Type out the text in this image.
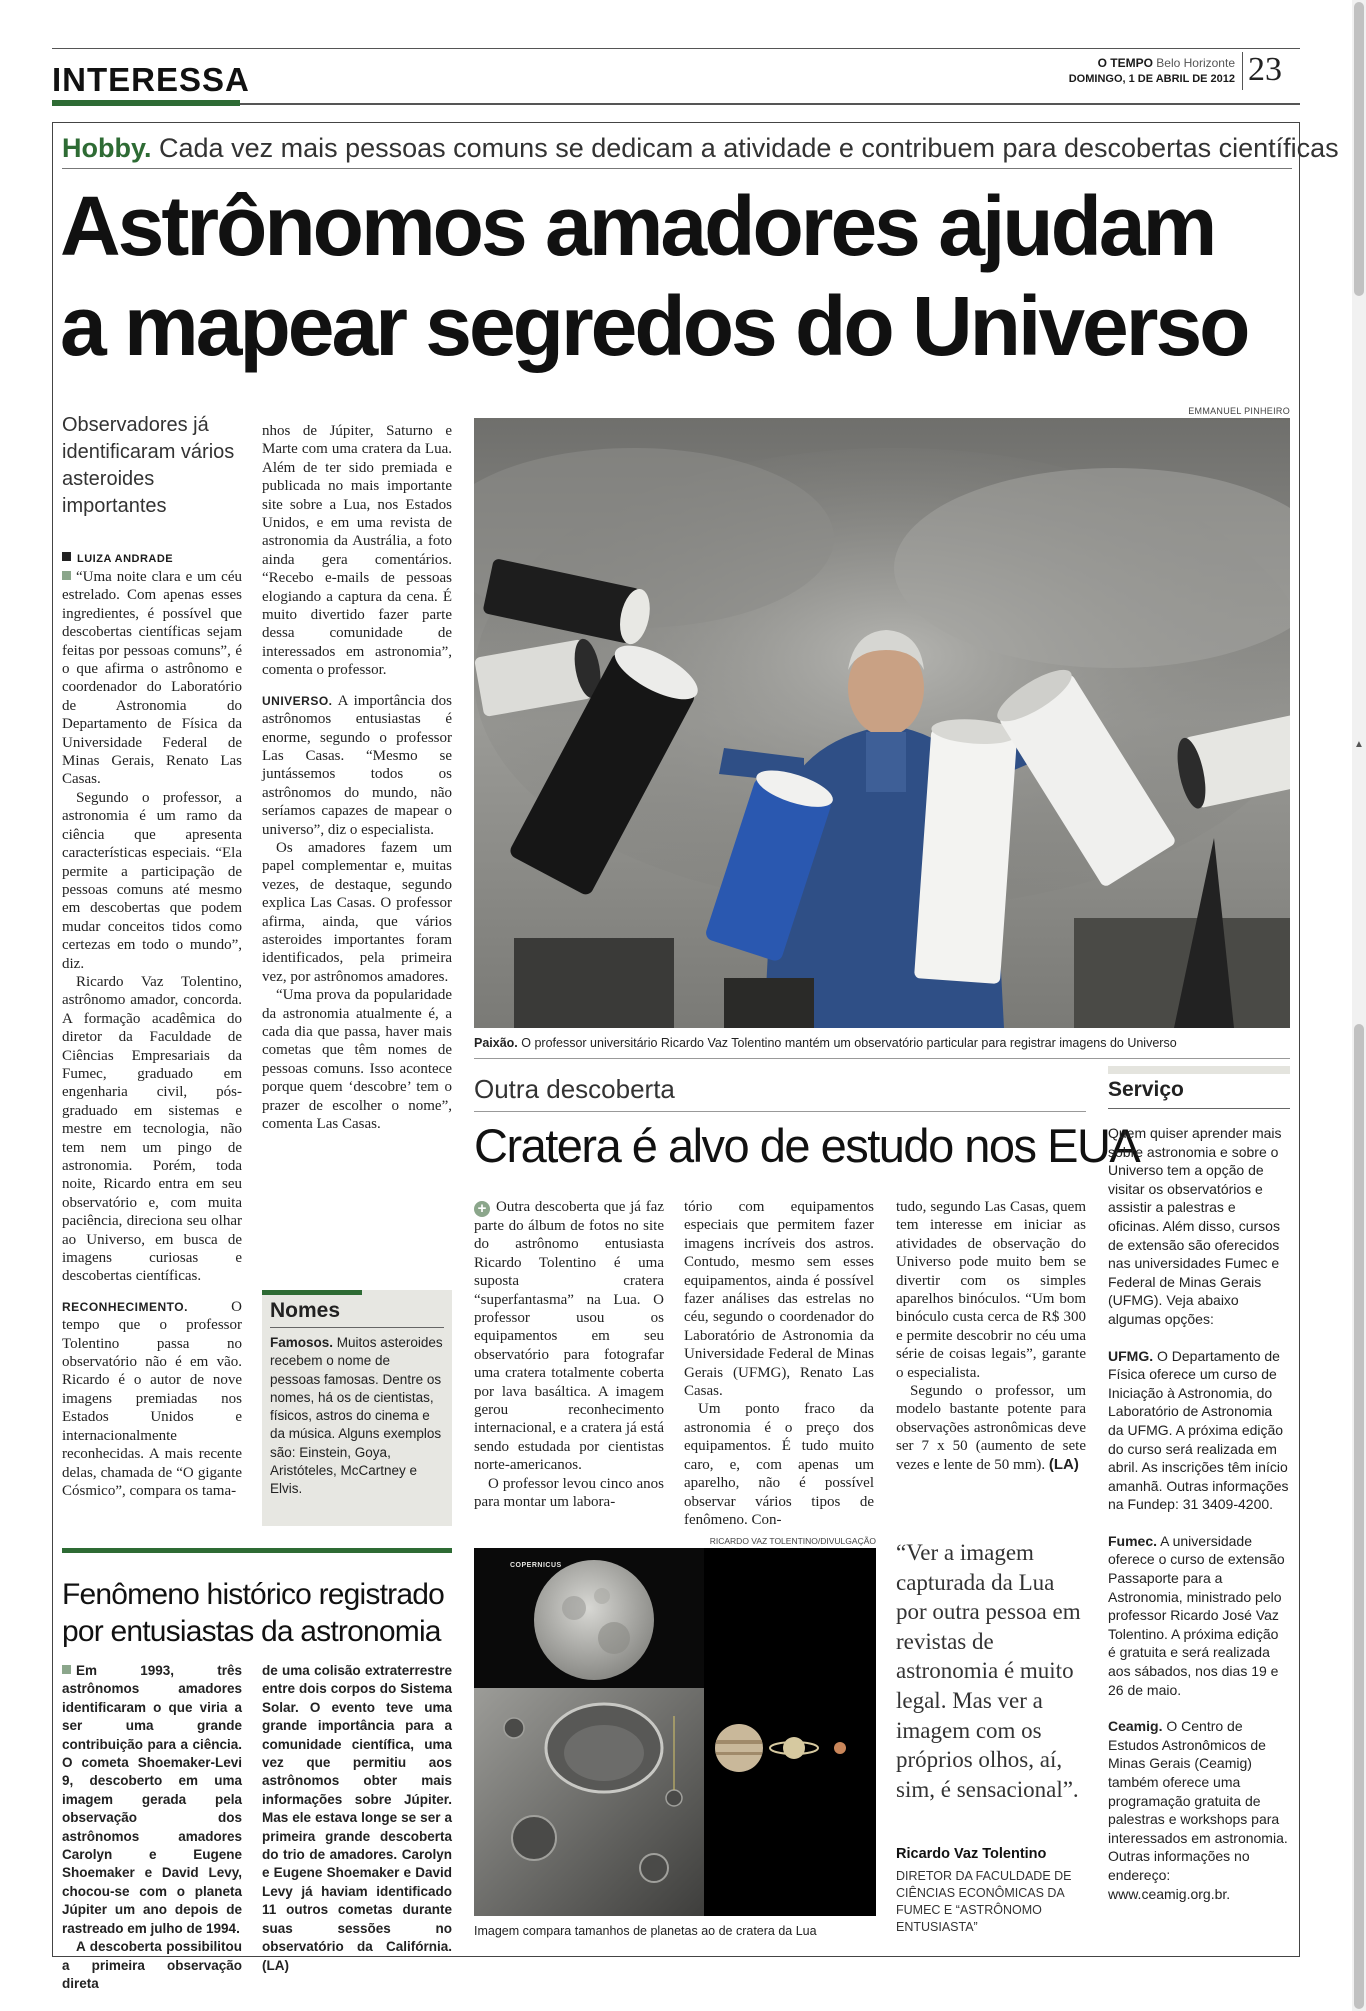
INTERESSA	O TEMPO Belo Horizonte
DOMINGO, 1 DE ABRIL DE 2012 23
Hobby. Cada vez mais pessoas comuns se dedicam a atividade e contribuem para descobertas científicas
Astrônomos amadores ajudam
a mapear segredos do Universo
Observadores já identificaram vários asteroides importantes
LUIZA ANDRADE

“Uma noite clara e um céu estrelado. Com apenas esses ingredientes, é possível que descobertas científicas sejam feitas por pessoas comuns”, é o que afirma o astrônomo e coordenador do Laboratório de Astronomia do Departamento de Física da Universidade Federal de Minas Gerais, Renato Las Casas.

Segundo o professor, a astronomia é um ramo da ciência que apresenta características especiais. “Ela permite a participação de pessoas comuns até mesmo em descobertas que podem mudar conceitos tidos como certezas em todo o mundo”, diz.

Ricardo Vaz Tolentino, astrônomo amador, concorda. A formação acadêmica do diretor da Faculdade de Ciências Empresariais da Fumec, graduado em engenharia civil, pós-graduado em sistemas e mestre em tecnologia, não tem nem um pingo de astronomia. Porém, toda noite, Ricardo entra em seu observatório e, com muita paciência, direciona seu olhar ao Universo, em busca de imagens curiosas e descobertas científicas.

RECONHECIMENTO.	O tempo que o professor Tolentino passa no observatório não é em vão. Ricardo é o autor de nove imagens premiadas nos Estados Unidos e internacionalmente reconhecidas. A mais recente delas, chamada de “O gigante Cósmico”, compara os tama-

nhos de Júpiter, Saturno e Marte com uma cratera da Lua. Além de ter sido premiada e publicada no mais importante site sobre a Lua, nos Estados Unidos, e em uma revista de astronomia da Austrália, a foto ainda gera comentários. “Recebo e-mails de pessoas elogiando a captura da cena. É muito divertido fazer parte dessa comunidade de interessados em astronomia”, comenta o professor.

UNIVERSO. A importância dos astrônomos entusiastas é enorme, segundo o professor Las Casas. “Mesmo se juntássemos todos os astrônomos do mundo, não seríamos capazes de mapear o universo”, diz o especialista.

Os amadores fazem um papel complementar e, muitas vezes, de destaque, segundo explica Las Casas. O professor afirma, ainda, que vários asteroides importantes foram identificados, pela primeira vez, por astrônomos amadores.

“Uma prova da popularidade da astronomia atualmente é, a cada dia que passa, haver mais cometas que têm nomes de pessoas comuns. Isso acontece porque quem ‘descobre’ tem o prazer de escolher o nome”, comenta Las Casas.

EMMANUEL PINHEIRO
Paixão. O professor universitário Ricardo Vaz Tolentino mantém um observatório particular para registrar imagens do Universo
Nomes
Famosos. Muitos asteroides recebem o nome de pessoas famosas. Dentre os nomes, há os de cientistas, físicos, astros do cinema e da música. Alguns exemplos são: Einstein, Goya, Aristóteles, McCartney e Elvis.
Fenômeno histórico registrado
por entusiastas da astronomia
Em 1993, três astrônomos amadores identificaram o que viria a ser uma grande contribuição para a ciência. O cometa Shoemaker-Levi 9, descoberto em uma imagem gerada pela observação dos astrônomos amadores Carolyn e Eugene Shoemaker e David Levy, chocou-se com o planeta Júpiter um ano depois de rastreado em julho de 1994.
A descoberta possibilitou a primeira observação direta
de uma colisão extraterrestre entre dois corpos do Sistema Solar. O evento teve uma grande importância para a comunidade científica, uma vez que permitiu aos astrônomos obter mais informações sobre Júpiter. Mas ele estava longe se ser a primeira grande descoberta do trio de amadores. Carolyn e Eugene Shoemaker e David Levy já haviam identificado 11 outros cometas durante suas sessões no observatório da Califórnia. (LA)
Outra descoberta
Cratera é alvo de estudo nos EUA

+ Outra descoberta que já faz parte do álbum de fotos no site do astrônomo entusiasta Ricardo Tolentino é uma suposta cratera “superfantasma” na Lua. O professor usou os equipamentos em seu observatório para fotografar uma cratera totalmente coberta por lava basáltica. A imagem gerou reconhecimento internacional, e a cratera já está sendo estudada por cientistas norte-americanos.

O professor levou cinco anos para montar um labora-

tório com equipamentos especiais que permitem fazer imagens incríveis dos astros. Contudo, mesmo sem esses equipamentos, ainda é possível fazer análises das estrelas no céu, segundo o coordenador do Laboratório de Astronomia da Universidade Federal de Minas Gerais (UFMG), Renato Las Casas.

Um ponto fraco da astronomia é o preço dos equipamentos. É tudo muito caro, e, com apenas um aparelho, não é possível observar vários tipos de fenômeno. Con-

tudo, segundo Las Casas, quem tem interesse em iniciar as atividades de observação do Universo pode muito bem se divertir com os simples aparelhos binóculos. “Um bom binóculo custa cerca de R$ 300 e permite descobrir no céu uma série de coisas legais”, garante o especialista.

Segundo o professor, um modelo bastante potente para observações astronômicas deve ser 7 x 50 (aumento de sete vezes e lente de 50 mm). (LA)

RICARDO VAZ TOLENTINO/DIVULGAÇÃO
COPERNICUS
Imagem compara tamanhos de planetas ao de cratera da Lua
“Ver a imagem capturada da Lua por outra pessoa em revistas de astronomia é muito legal. Mas ver a imagem com os próprios olhos, aí, sim, é sensacional”.
Ricardo Vaz Tolentino
DIRETOR DA FACULDADE DE CIÊNCIAS ECONÔMICAS DA FUMEC E “ASTRÔNOMO ENTUSIASTA”
Serviço

Quem quiser aprender mais sobre astronomia e sobre o Universo tem a opção de visitar os observatórios e assistir a palestras e oficinas. Além disso, cursos de extensão são oferecidos nas universidades Fumec e Federal de Minas Gerais (UFMG). Veja abaixo algumas opções:

UFMG. O Departamento de Física oferece um curso de Iniciação à Astronomia, do Laboratório de Astronomia da UFMG. A próxima edição do curso será realizada em abril. As inscrições têm início amanhã. Outras informações na Fundep: 31 3409-4200.

Fumec. A universidade oferece o curso de extensão Passaporte para a Astronomia, ministrado pelo professor Ricardo José Vaz Tolentino. A próxima edição é gratuita e será realizada aos sábados, nos dias 19 e 26 de maio.

Ceamig. O Centro de Estudos Astronômicos de Minas Gerais (Ceamig) também oferece uma programação gratuita de palestras e workshops para interessados em astronomia. Outras informações no endereço: www.ceamig.org.br.

▲
